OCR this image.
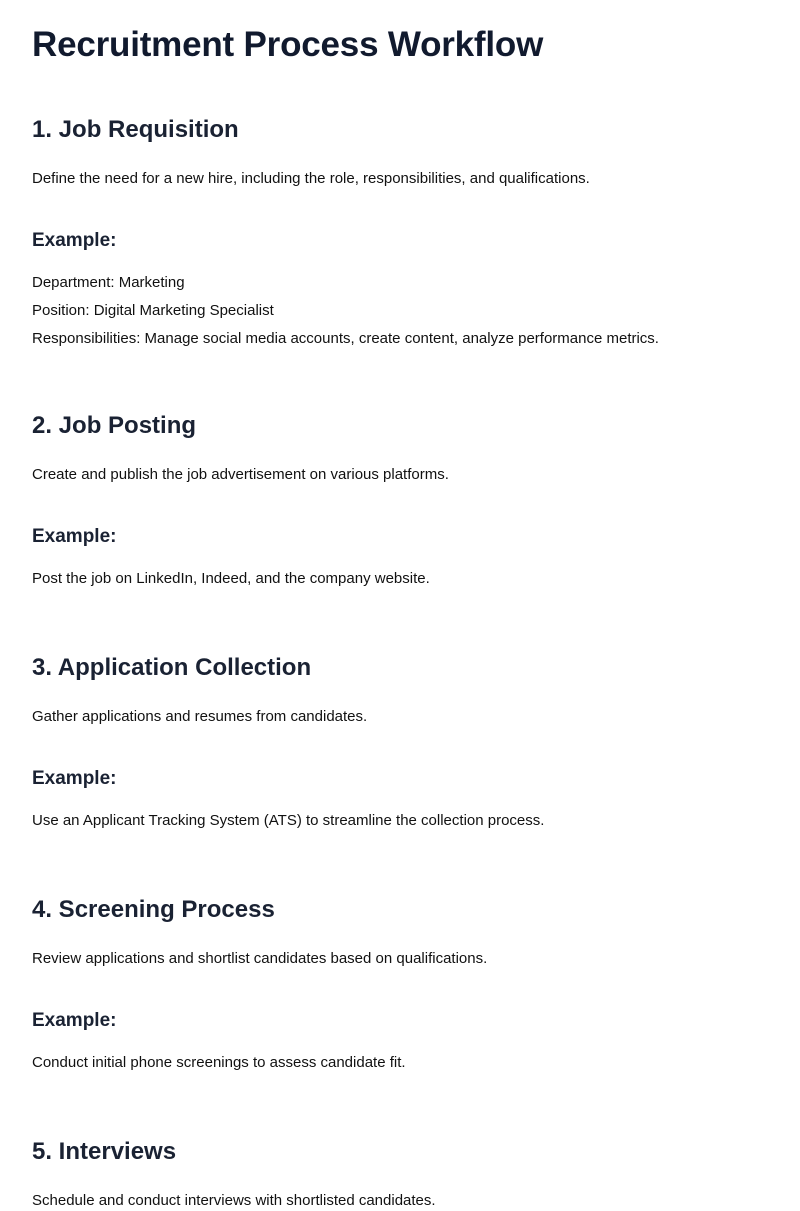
Recruitment Process Workflow
1. Job Requisition

Define the need for a new hire, including the role, responsibilities, and qualifications.

Example:

Department: Marketing

Position: Digital Marketing Specialist

Responsibilities: Manage social media accounts, create content, analyze performance metrics.

2. Job Posting

Create and publish the job advertisement on various platforms.

Example:

Post the job on LinkedIn, Indeed, and the company website.

3. Application Collection

Gather applications and resumes from candidates.

Example:

Use an Applicant Tracking System (ATS) to streamline the collection process.

4. Screening Process

Review applications and shortlist candidates based on qualifications.

Example:

Conduct initial phone screenings to assess candidate fit.

5. Interviews

Schedule and conduct interviews with shortlisted candidates.
